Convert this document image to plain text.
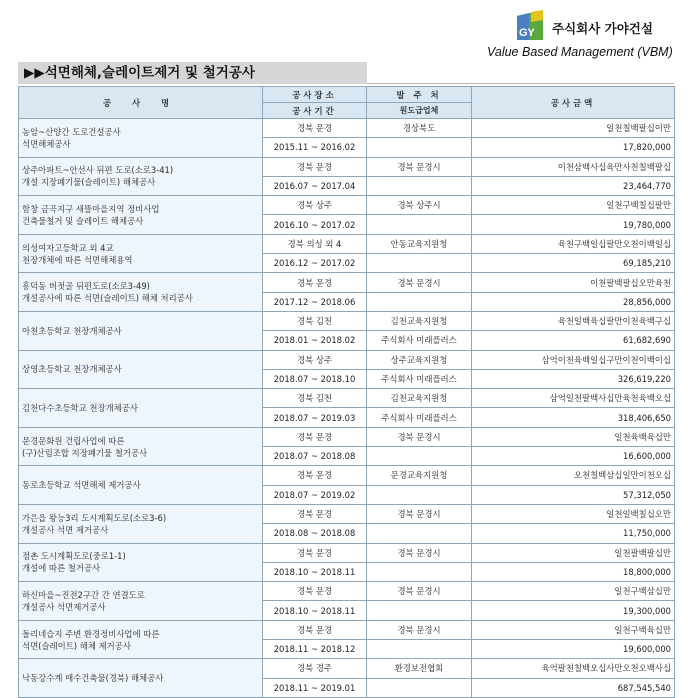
GY 주식회사 가야건설
Value Based Management (VBM)
▶▶석면해체,슬레이트제거 및 철거공사
공 사 명	공사장소	발 주 처	공사금액
	공사기간	원도급업체	

농암~산양간 도로건설공사
석면해체공사	경북 문경	경상북도	일천칠백팔십이만
	2015.11 ~ 2016.02		17,820,000

상주아파트~안선사 뒤편 도로(소로3-41)
개설 지장폐기물(슬레이트) 해체공사	경북 문경	경북 문경시	이천삼백사십육만사천칠백팔십
	2016.07 ~ 2017.04		23,464,770

함창 금곡지구 새뜰마을지역 정비사업
건축물철거 및 슬레이트 해체공사	경북 상주	경북 상주시	일천구백칠십팔만
	2016.10 ~ 2017.02		19,780,000

의성여자고등학교 외 4교
천장개체에 따른 석면해체용역	경북 의성 외 4	안동교육지원청	육천구백일십팔만오천이백일십
	2016.12 ~ 2017.02		69,185,210

흥덕동 버젓골 뒤편도로(소로3-49)
개설공사에 따른 석면(슬레이트) 해체 처리공사	경북 문경	경북 문경시	이천팔백팔십오만육천
	2017.12 ~ 2018.06		28,856,000

아천초등학교 천장개체공사	경북 김천	김천교육지원청	육천일백육십팔만이천육백구십
	2018.01 ~ 2018.02	주식회사 미래플러스	61,682,690

상영초등학교 천장개체공사	경북 상주	상주교육지원청	삼억이천육백일십구만이천이백이십
	2018.07 ~ 2018.10	주식회사 미래플러스	326,619,220

김천다수초등학교 천장개체공사	경북 김천	김천교육지원청	삼억일천팔백사십만육천육백오십
	2018.07 ~ 2019.03	주식회사 미래플러스	318,406,650

문경문화원 건립사업에 따른
(구)산림조합 지장폐기물 철거공사	경북 문경	경북 문경시	일천육백육십만
	2018.07 ~ 2018.08		16,600,000

동로초등학교 석면해체 제거공사	경북 문경	문경교육지원청	오천칠백삼십일만이천오십
	2018.07 ~ 2019.02		57,312,050

가은읍 왕능3리 도시계획도로(소로3-6)
개설공사 석면 제거공사	경북 문경	경북 문경시	일천일백칠십오만
	2018.08 ~ 2018.08		11,750,000

점촌 도시계획도로(중로1-1)
개설에 따른 철거공사	경북 문경	경북 문경시	일천팔백팔십만
	2018.10 ~ 2018.11		18,800,000

하신마을~진전2구간 간 연결도로
개설공사 석면제거공사	경북 문경	경북 문경시	일천구백삼십만
	2018.10 ~ 2018.11		19,300,000

돌리네습지 주변 환경정비사업에 따른
석면(슬레이트) 해체 제거공사	경북 문경	경북 문경시	일천구백육십만
	2018.11 ~ 2018.12		19,600,000

낙동강수계 매수건축물(경북) 해체공사	경북 경주	환경보전협회	육억팔천칠백오십사만오천오백사십
	2018.11 ~ 2019.01		687,545,540
